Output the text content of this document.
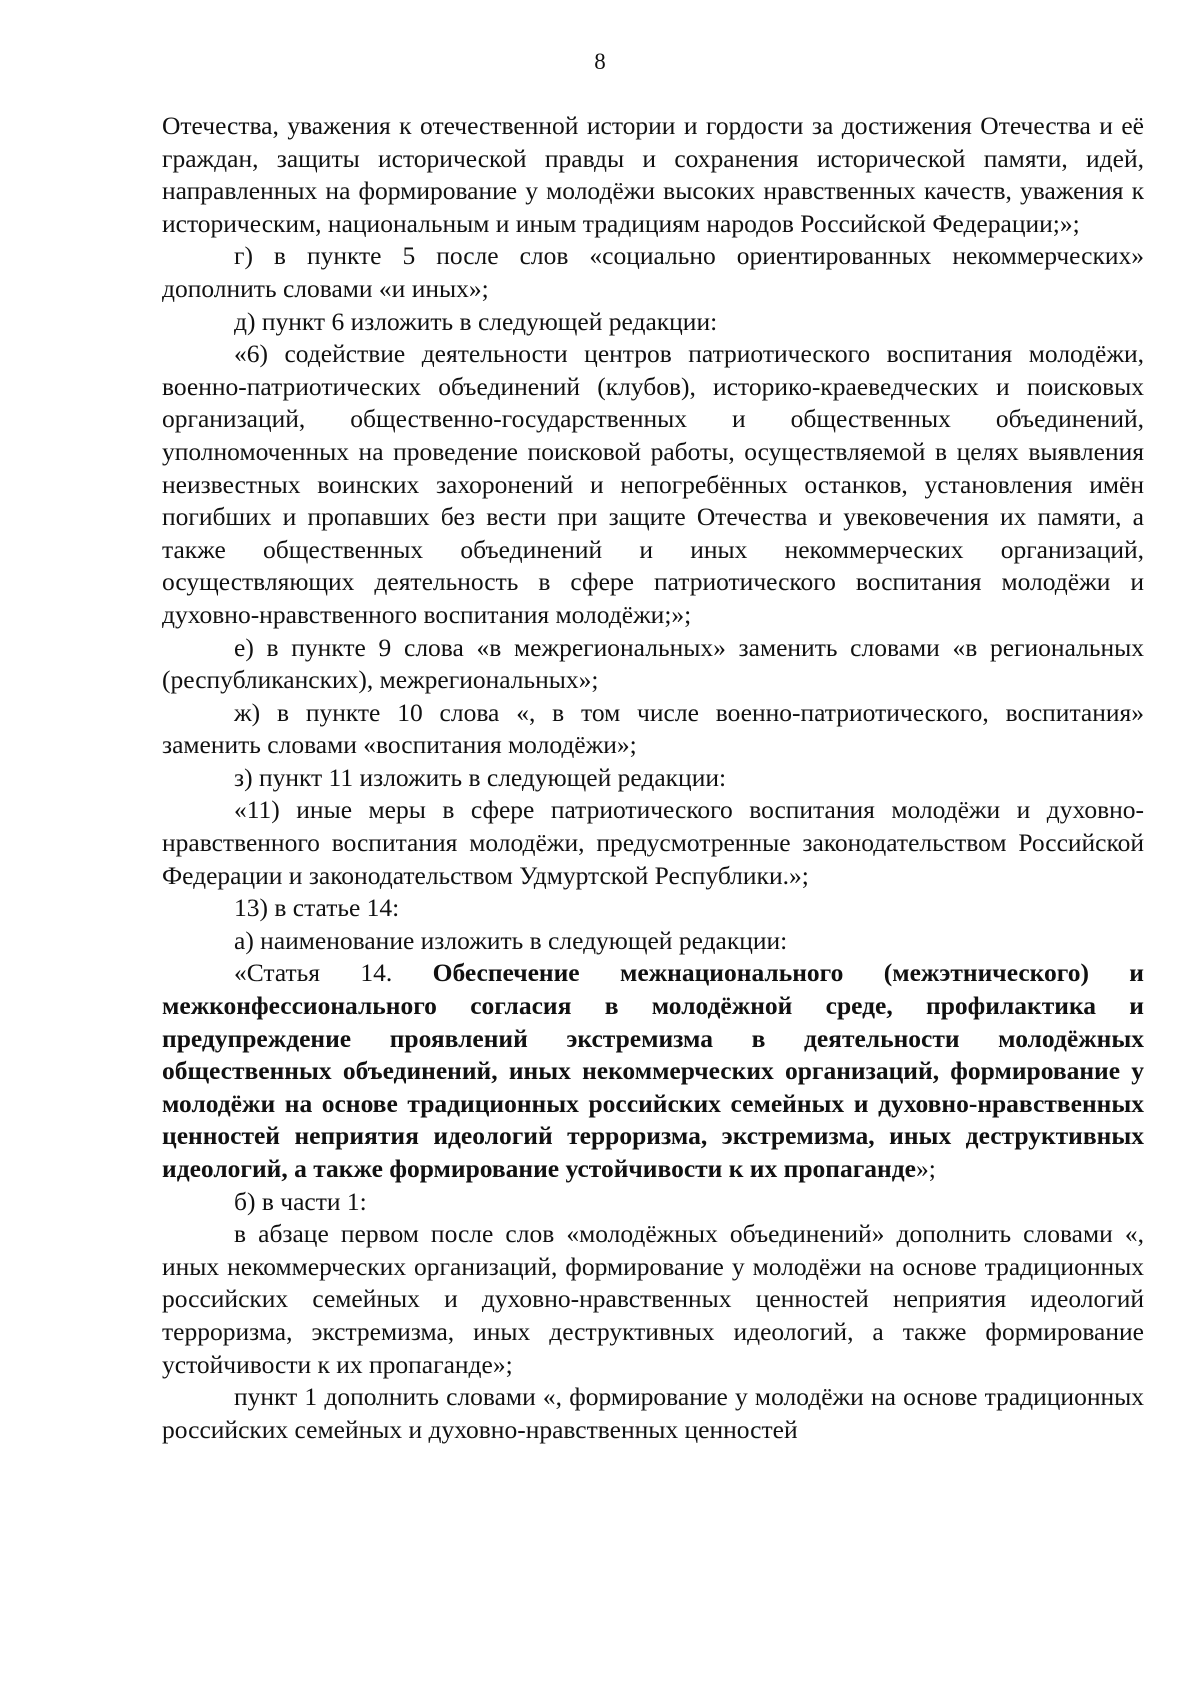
8

Отечества, уважения к отечественной истории и гордости за достижения Отечества и её граждан, защиты исторической правды и сохранения исторической памяти, идей, направленных на формирование у молодёжи высоких нравственных качеств, уважения к историческим, национальным и иным традициям народов Российской Федерации;»;

г) в пункте 5 после слов «социально ориентированных некоммерческих» дополнить словами «и иных»;

д) пункт 6 изложить в следующей редакции:

«6) содействие деятельности центров патриотического воспитания молодёжи, военно-патриотических объединений (клубов), историко-краеведческих и поисковых организаций, общественно-государственных и общественных объединений, уполномоченных на проведение поисковой работы, осуществляемой в целях выявления неизвестных воинских захоронений и непогребённых останков, установления имён погибших и пропавших без вести при защите Отечества и увековечения их памяти, а также общественных объединений и иных некоммерческих организаций, осуществляющих деятельность в сфере патриотического воспитания молодёжи и духовно-нравственного воспитания молодёжи;»;

е) в пункте 9 слова «в межрегиональных» заменить словами «в региональных (республиканских), межрегиональных»;

ж) в пункте 10 слова «, в том числе военно-патриотического, воспитания» заменить словами «воспитания молодёжи»;

з) пункт 11 изложить в следующей редакции:

«11) иные меры в сфере патриотического воспитания молодёжи и духовно-нравственного воспитания молодёжи, предусмотренные законодательством Российской Федерации и законодательством Удмуртской Республики.»;

13) в статье 14:

а) наименование изложить в следующей редакции:

«Статья 14. Обеспечение межнационального (межэтнического) и межконфессионального согласия в молодёжной среде, профилактика и предупреждение проявлений экстремизма в деятельности молодёжных общественных объединений, иных некоммерческих организаций, формирование у молодёжи на основе традиционных российских семейных и духовно-нравственных ценностей неприятия идеологий терроризма, экстремизма, иных деструктивных идеологий, а также формирование устойчивости к их пропаганде»;

б) в части 1:

в абзаце первом после слов «молодёжных объединений» дополнить словами «, иных некоммерческих организаций, формирование у молодёжи на основе традиционных российских семейных и духовно-нравственных ценностей неприятия идеологий терроризма, экстремизма, иных деструктивных идеологий, а также формирование устойчивости к их пропаганде»;

пункт 1 дополнить словами «, формирование у молодёжи на основе традиционных российских семейных и духовно-нравственных ценностей
